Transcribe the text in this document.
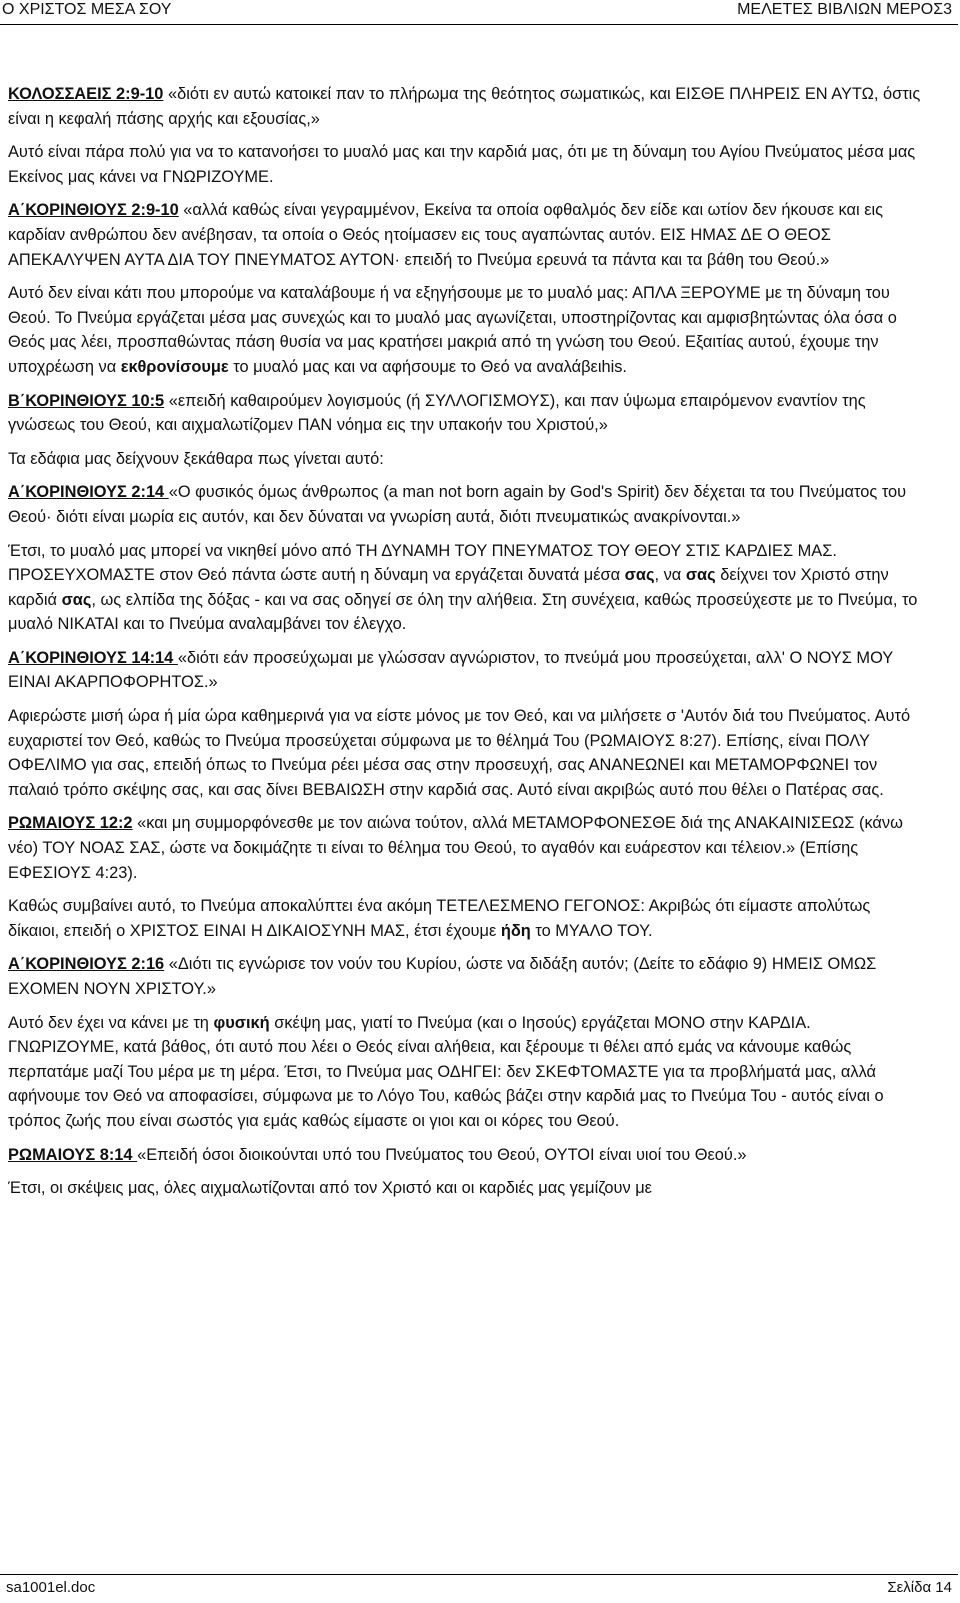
Ο ΧΡΙΣΤΟΣ ΜΕΣΑ ΣΟΥ	ΜΕΛΕΤΕΣ ΒΙΒΛΙΩΝ ΜΕΡΟΣ3

ΚΟΛΟΣΣΑΕΙΣ 2:9-10 «διότι εν αυτώ κατοικεί παν το πλήρωμα της θεότητος σωματικώς, και ΕΙΣΘΕ ΠΛΗΡΕΙΣ ΕΝ ΑΥΤΩ, όστις είναι η κεφαλή πάσης αρχής και εξουσίας,»

Αυτό είναι πάρα πολύ για να το κατανοήσει το μυαλό μας και την καρδιά μας, ότι με τη δύναμη του Αγίου Πνεύματος μέσα μας Εκείνος μας κάνει να ΓΝΩΡΙΖΟΥΜΕ.

Α΄ΚΟΡΙΝΘΙΟΥΣ 2:9-10 «αλλά καθώς είναι γεγραμμένον, Εκείνα τα οποία οφθαλμός δεν είδε και ωτίον δεν ήκουσε και εις καρδίαν ανθρώπου δεν ανέβησαν, τα οποία ο Θεός ητοίμασεν εις τους αγαπώντας αυτόν. ΕΙΣ ΗΜΑΣ ΔΕ Ο ΘΕΟΣ ΑΠΕΚΑΛΥΨΕΝ ΑΥΤΑ ΔΙΑ ΤΟΥ ΠΝΕΥΜΑΤΟΣ ΑΥΤΟΝ· επειδή το Πνεύμα ερευνά τα πάντα και τα βάθη του Θεού.»

Αυτό δεν είναι κάτι που μπορούμε να καταλάβουμε ή να εξηγήσουμε με το μυαλό μας: ΑΠΛΑ ΞΕΡΟΥΜΕ με τη δύναμη του Θεού. Το Πνεύμα εργάζεται μέσα μας συνεχώς και το μυαλό μας αγωνίζεται, υποστηρίζοντας και αμφισβητώντας όλα όσα ο Θεός μας λέει, προσπαθώντας πάση θυσία να μας κρατήσει μακριά από τη γνώση του Θεού. Εξαιτίας αυτού, έχουμε την υποχρέωση να εκθρονίσουμε το μυαλό μας και να αφήσουμε το Θεό να αναλάβειhis.

Β΄ΚΟΡΙΝΘΙΟΥΣ 10:5 «επειδή καθαιρούμεν λογισμούς (ή ΣΥΛΛΟΓΙΣΜΟΥΣ), και παν ύψωμα επαιρόμενον εναντίον της γνώσεως του Θεού, και αιχμαλωτίζομεν ΠΑΝ νόημα εις την υπακοήν του Χριστού,»

Τα εδάφια μας δείχνουν ξεκάθαρα πως γίνεται αυτό:

Α΄ΚΟΡΙΝΘΙΟΥΣ 2:14 «Ο φυσικός όμως άνθρωπος (a man not born again by God's Spirit) δεν δέχεται τα του Πνεύματος του Θεού· διότι είναι μωρία εις αυτόν, και δεν δύναται να γνωρίση αυτά, διότι πνευματικώς ανακρίνονται.»

Έτσι, το μυαλό μας μπορεί να νικηθεί μόνο από ΤΗ ΔΥΝΑΜΗ ΤΟΥ ΠΝΕΥΜΑΤΟΣ ΤΟΥ ΘΕΟΥ ΣΤΙΣ ΚΑΡΔΙΕΣ ΜΑΣ. ΠΡΟΣΕΥΧΟΜΑΣΤΕ στον Θεό πάντα ώστε αυτή η δύναμη να εργάζεται δυνατά μέσα σας, να σας δείχνει τον Χριστό στην καρδιά σας, ως ελπίδα της δόξας - και να σας οδηγεί σε όλη την αλήθεια. Στη συνέχεια, καθώς προσεύχεστε με το Πνεύμα, το μυαλό ΝΙΚΑΤΑΙ και το Πνεύμα αναλαμβάνει τον έλεγχο.

Α΄ΚΟΡΙΝΘΙΟΥΣ 14:14 «διότι εάν προσεύχωμαι με γλώσσαν αγνώριστον, το πνεύμά μου προσεύχεται, αλλ' Ο ΝΟΥΣ ΜΟΥ ΕΙΝΑΙ ΑΚΑΡΠΟΦΟΡΗΤΟΣ.»

Αφιερώστε μισή ώρα ή μία ώρα καθημερινά για να είστε μόνος με τον Θεό, και να μιλήσετε σ 'Αυτόν διά του Πνεύματος. Αυτό ευχαριστεί τον Θεό, καθώς το Πνεύμα προσεύχεται σύμφωνα με το θέλημά Του (ΡΩΜΑΙΟΥΣ 8:27). Επίσης, είναι ΠΟΛΥ ΟΦΕΛΙΜΟ για σας, επειδή όπως το Πνεύμα ρέει μέσα σας στην προσευχή, σας ΑΝΑΝΕΩΝΕΙ και ΜΕΤΑΜΟΡΦΩΝΕΙ τον παλαιό τρόπο σκέψης σας, και σας δίνει ΒΕΒΑΙΩΣΗ στην καρδιά σας. Αυτό είναι ακριβώς αυτό που θέλει ο Πατέρας σας.

ΡΩΜΑΙΟΥΣ 12:2 «και μη συμμορφόνεσθε με τον αιώνα τούτον, αλλά ΜΕΤΑΜΟΡΦΟΝΕΣΘΕ διά της ΑΝΑΚΑΙΝΙΣΕΩΣ (κάνω νέο) ΤΟΥ ΝΟΑΣ ΣΑΣ, ώστε να δοκιμάζητε τι είναι το θέλημα του Θεού, το αγαθόν και ευάρεστον και τέλειον.» (Επίσης ΕΦΕΣΙΟΥΣ 4:23).

Καθώς συμβαίνει αυτό, το Πνεύμα αποκαλύπτει ένα ακόμη ΤΕΤΕΛΕΣΜΕΝΟ ΓΕΓΟΝΟΣ: Ακριβώς ότι είμαστε απολύτως δίκαιοι, επειδή ο ΧΡΙΣΤΟΣ ΕΙΝΑΙ Η ΔΙΚΑΙΟΣΥΝΗ ΜΑΣ, έτσι έχουμε ήδη το ΜΥΑΛΟ ΤΟΥ.

Α΄ΚΟΡΙΝΘΙΟΥΣ 2:16 «Διότι τις εγνώρισε τον νούν του Κυρίου, ώστε να διδάξη αυτόν; (Δείτε το εδάφιο 9) ΗΜΕΙΣ ΟΜΩΣ ΕΧΟΜΕΝ ΝΟΥΝ ΧΡΙΣΤΟΥ.»

Αυτό δεν έχει να κάνει με τη φυσική σκέψη μας, γιατί το Πνεύμα (και ο Ιησούς) εργάζεται ΜΟΝΟ στην ΚΑΡΔΙΑ. ΓΝΩΡΙΖΟΥΜΕ, κατά βάθος, ότι αυτό που λέει ο Θεός είναι αλήθεια, και ξέρουμε τι θέλει από εμάς να κάνουμε καθώς περπατάμε μαζί Του μέρα με τη μέρα. Έτσι, το Πνεύμα μας ΟΔΗΓΕΙ: δεν ΣΚΕΦΤΟΜΑΣΤΕ για τα προβλήματά μας, αλλά αφήνουμε τον Θεό να αποφασίσει, σύμφωνα με το Λόγο Του, καθώς βάζει στην καρδιά μας το Πνεύμα Του - αυτός είναι ο τρόπος ζωής που είναι σωστός για εμάς καθώς είμαστε οι γιοι και οι κόρες του Θεού.

ΡΩΜΑΙΟΥΣ 8:14 «Επειδή όσοι διοικούνται υπό του Πνεύματος του Θεού, ΟΥΤΟΙ είναι υιοί του Θεού.»

Έτσι, οι σκέψεις μας, όλες αιχμαλωτίζονται από τον Χριστό και οι καρδιές μας γεμίζουν με

sa1001el.doc	Σελίδα 14
